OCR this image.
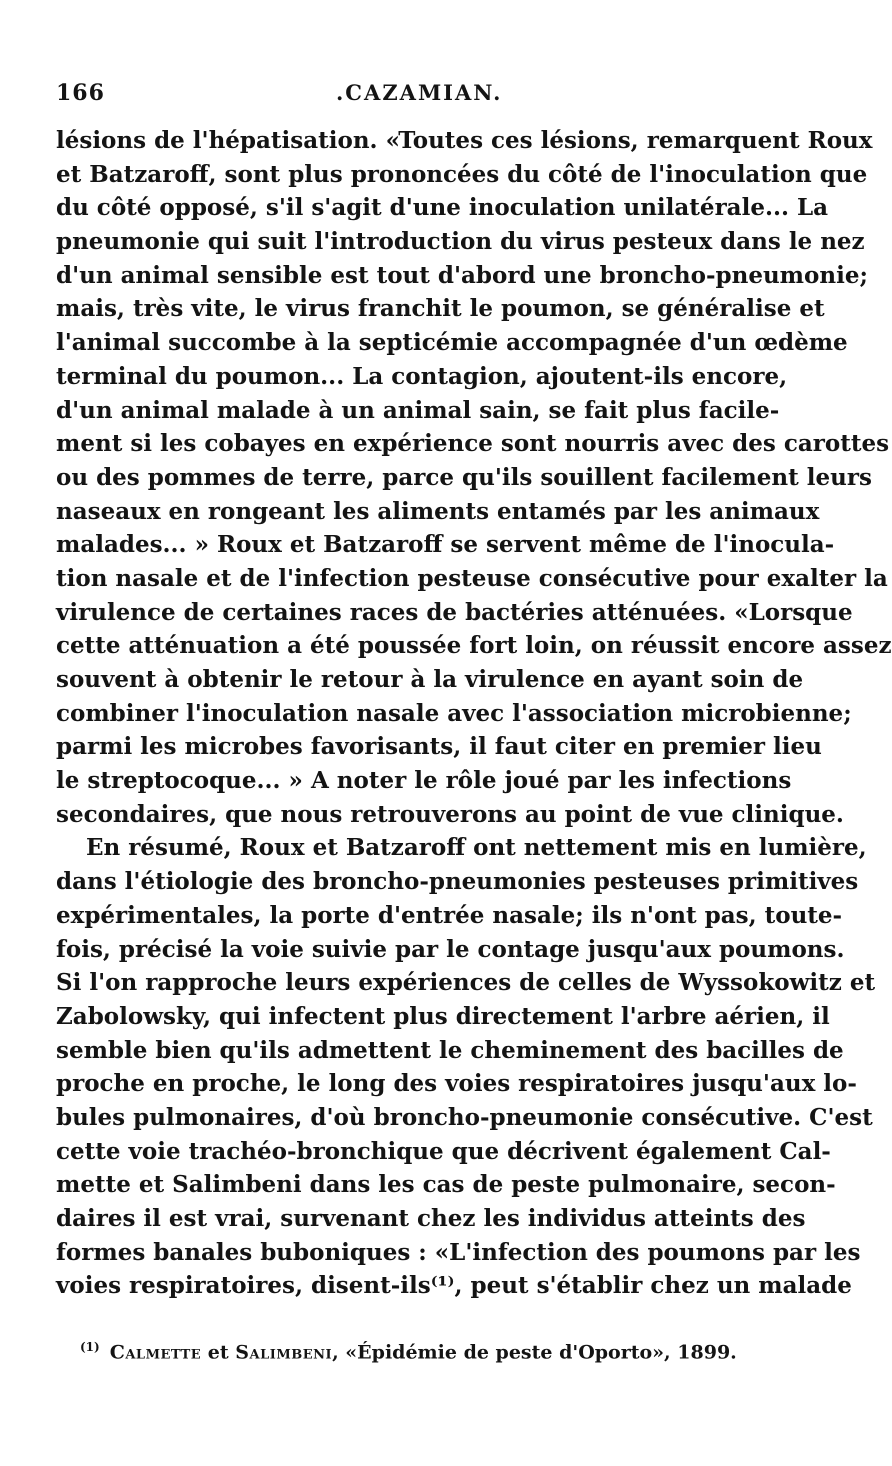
166	.CAZAMIAN.
lésions de l'hépatisation. «Toutes ces lésions, remarquent Roux
et Batzaroff, sont plus prononcées du côté de l'inoculation que
du côté opposé, s'il s'agit d'une inoculation unilatérale... La
pneumonie qui suit l'introduction du virus pesteux dans le nez
d'un animal sensible est tout d'abord une broncho-pneumonie;
mais, très vite, le virus franchit le poumon, se généralise et
l'animal succombe à la septicémie accompagnée d'un œdème
terminal du poumon... La contagion, ajoutent-ils encore,
d'un animal malade à un animal sain, se fait plus facile-
ment si les cobayes en expérience sont nourris avec des carottes
ou des pommes de terre, parce qu'ils souillent facilement leurs
naseaux en rongeant les aliments entamés par les animaux
malades... » Roux et Batzaroff se servent même de l'inocula-
tion nasale et de l'infection pesteuse consécutive pour exalter la
virulence de certaines races de bactéries atténuées. «Lorsque
cette atténuation a été poussée fort loin, on réussit encore assez
souvent à obtenir le retour à la virulence en ayant soin de
combiner l'inoculation nasale avec l'association microbienne;
parmi les microbes favorisants, il faut citer en premier lieu
le streptocoque... » A noter le rôle joué par les infections
secondaires, que nous retrouverons au point de vue clinique.
En résumé, Roux et Batzaroff ont nettement mis en lumière,
dans l'étiologie des broncho-pneumonies pesteuses primitives
expérimentales, la porte d'entrée nasale; ils n'ont pas, toute-
fois, précisé la voie suivie par le contage jusqu'aux poumons.
Si l'on rapproche leurs expériences de celles de Wyssokowitz et
Zabolowsky, qui infectent plus directement l'arbre aérien, il
semble bien qu'ils admettent le cheminement des bacilles de
proche en proche, le long des voies respiratoires jusqu'aux lo-
bules pulmonaires, d'où broncho-pneumonie consécutive. C'est
cette voie trachéo-bronchique que décrivent également Cal-
mette et Salimbeni dans les cas de peste pulmonaire, secon-
daires il est vrai, survenant chez les individus atteints des
formes banales buboniques : «L'infection des poumons par les
voies respiratoires, disent-ils⁽¹⁾, peut s'établir chez un malade
$^{(1)}$ Calmette et Salimbeni, «Épidémie de peste d'Oporto», 1899.
